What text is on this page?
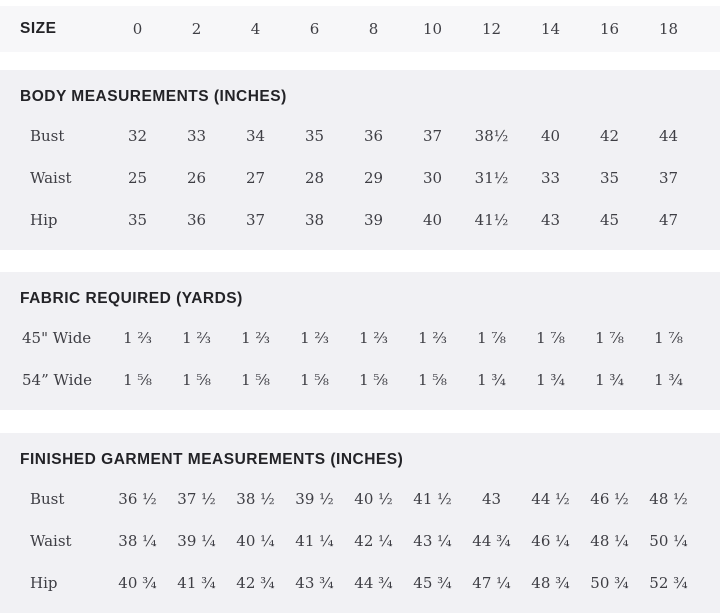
SIZE	0	2	4	6	8	10	12	14	16	18
BODY MEASUREMENTS (INCHES)
Bust	32	33	34	35	36	37	38½	40	42	44
Waist	25	26	27	28	29	30	31½	33	35	37
Hip	35	36	37	38	39	40	41½	43	45	47
FABRIC REQUIRED (YARDS)
45" Wide	1 ⅔	1 ⅔	1 ⅔	1 ⅔	1 ⅔	1 ⅔	1 ⅞	1 ⅞	1 ⅞	1 ⅞
54” Wide	1 ⅝	1 ⅝	1 ⅝	1 ⅝	1 ⅝	1 ⅝	1 ¾	1 ¾	1 ¾	1 ¾
FINISHED GARMENT MEASUREMENTS (INCHES)
Bust	36 ½	37 ½	38 ½	39 ½	40 ½	41 ½	43	44 ½	46 ½	48 ½
Waist	38 ¼	39 ¼	40 ¼	41 ¼	42 ¼	43 ¼	44 ¾	46 ¼	48 ¼	50 ¼
Hip	40 ¾	41 ¾	42 ¾	43 ¾	44 ¾	45 ¾	47 ¼	48 ¾	50 ¾	52 ¾
